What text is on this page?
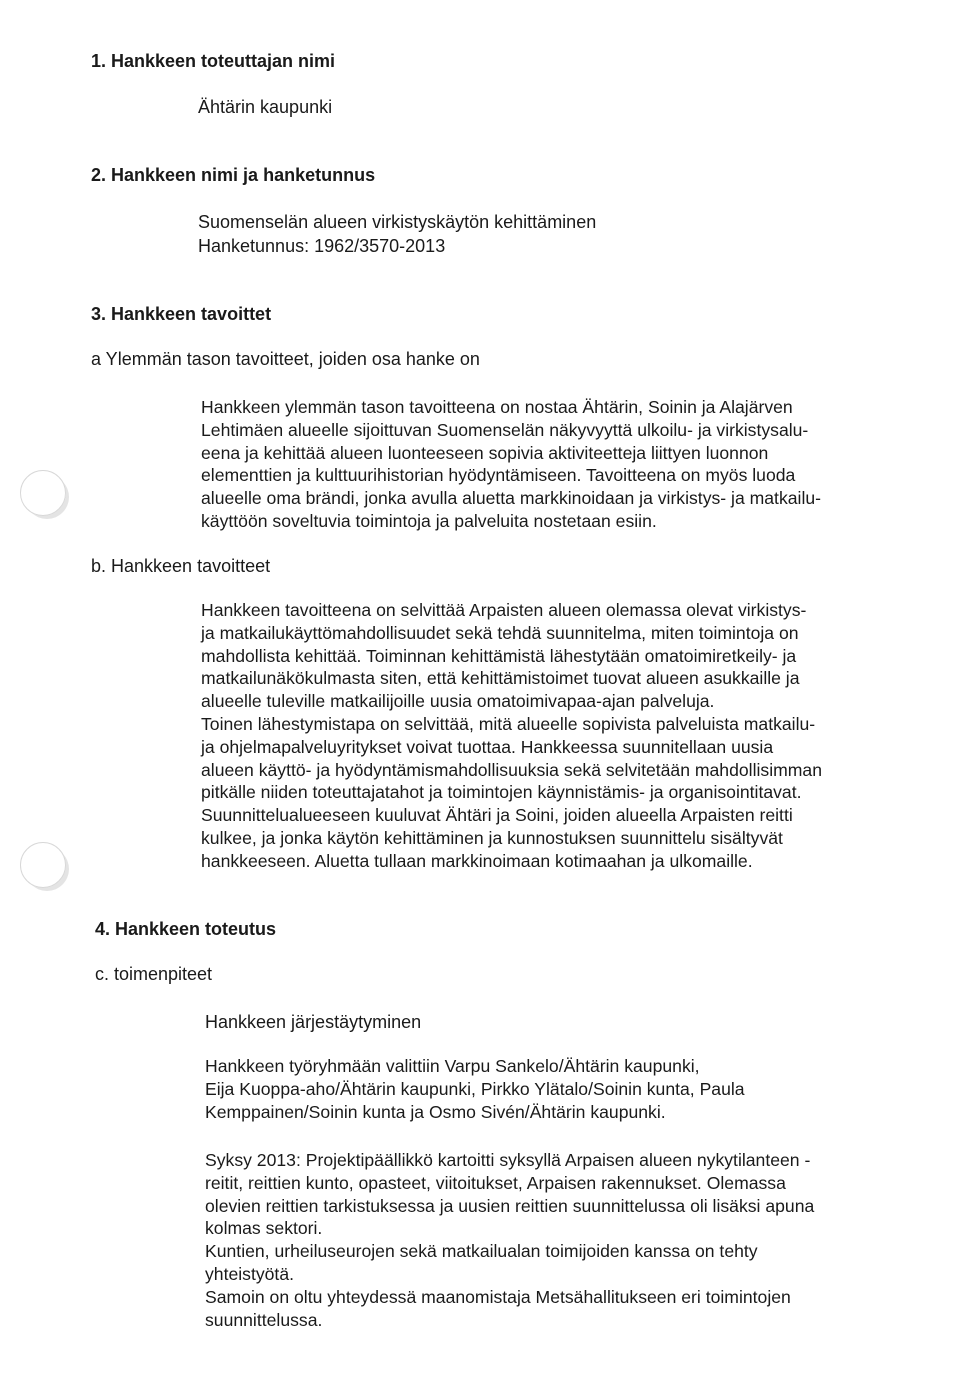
1. Hankkeen toteuttajan nimi
Ähtärin kaupunki
2. Hankkeen nimi ja hanketunnus
Suomenselän alueen virkistyskäytön kehittäminen
Hanketunnus: 1962/3570-2013
3. Hankkeen tavoittet
a Ylemmän tason tavoitteet, joiden osa hanke on
Hankkeen ylemmän tason tavoitteena on nostaa Ähtärin, Soinin ja Alajärven
Lehtimäen alueelle sijoittuvan Suomenselän näkyvyyttä ulkoilu- ja virkistysalu-
eena ja kehittää alueen luonteeseen sopivia aktiviteetteja liittyen luonnon
elementtien ja kulttuurihistorian hyödyntämiseen. Tavoitteena on myös luoda
alueelle oma brändi, jonka avulla aluetta markkinoidaan ja virkistys- ja matkailu-
käyttöön soveltuvia toimintoja ja palveluita nostetaan esiin.
b. Hankkeen tavoitteet
Hankkeen tavoitteena on selvittää Arpaisten alueen olemassa olevat virkistys-
ja matkailukäyttömahdollisuudet sekä tehdä suunnitelma, miten toimintoja on
mahdollista kehittää. Toiminnan kehittämistä lähestytään omatoimiretkeily- ja
matkailunäkökulmasta siten, että kehittämistoimet tuovat alueen asukkaille ja
alueelle tuleville matkailijoille uusia omatoimivapaa-ajan palveluja.
Toinen lähestymistapa on selvittää, mitä alueelle sopivista palveluista matkailu-
ja ohjelmapalveluyritykset voivat tuottaa. Hankkeessa suunnitellaan uusia
alueen käyttö- ja hyödyntämismahdollisuuksia sekä selvitetään mahdollisimman
pitkälle niiden toteuttajatahot ja toimintojen käynnistämis- ja organisointitavat.
Suunnittelualueeseen kuuluvat Ähtäri ja Soini, joiden alueella Arpaisten reitti
kulkee, ja jonka käytön kehittäminen ja kunnostuksen suunnittelu sisältyvät
hankkeeseen. Aluetta tullaan markkinoimaan kotimaahan ja ulkomaille.
4. Hankkeen toteutus
c. toimenpiteet
Hankkeen järjestäytyminen
Hankkeen työryhmään valittiin Varpu Sankelo/Ähtärin kaupunki,
Eija Kuoppa-aho/Ähtärin kaupunki, Pirkko Ylätalo/Soinin kunta, Paula
Kemppainen/Soinin kunta ja Osmo Sivén/Ähtärin kaupunki.
Syksy 2013: Projektipäällikkö kartoitti syksyllä Arpaisen alueen nykytilanteen -
reitit, reittien kunto, opasteet, viitoitukset, Arpaisen rakennukset. Olemassa
olevien reittien tarkistuksessa ja uusien reittien suunnittelussa oli lisäksi apuna
kolmas sektori.
Kuntien, urheiluseurojen sekä matkailualan toimijoiden kanssa on tehty
yhteistyötä.
Samoin on oltu yhteydessä maanomistaja Metsähallitukseen eri toimintojen
suunnittelussa.
